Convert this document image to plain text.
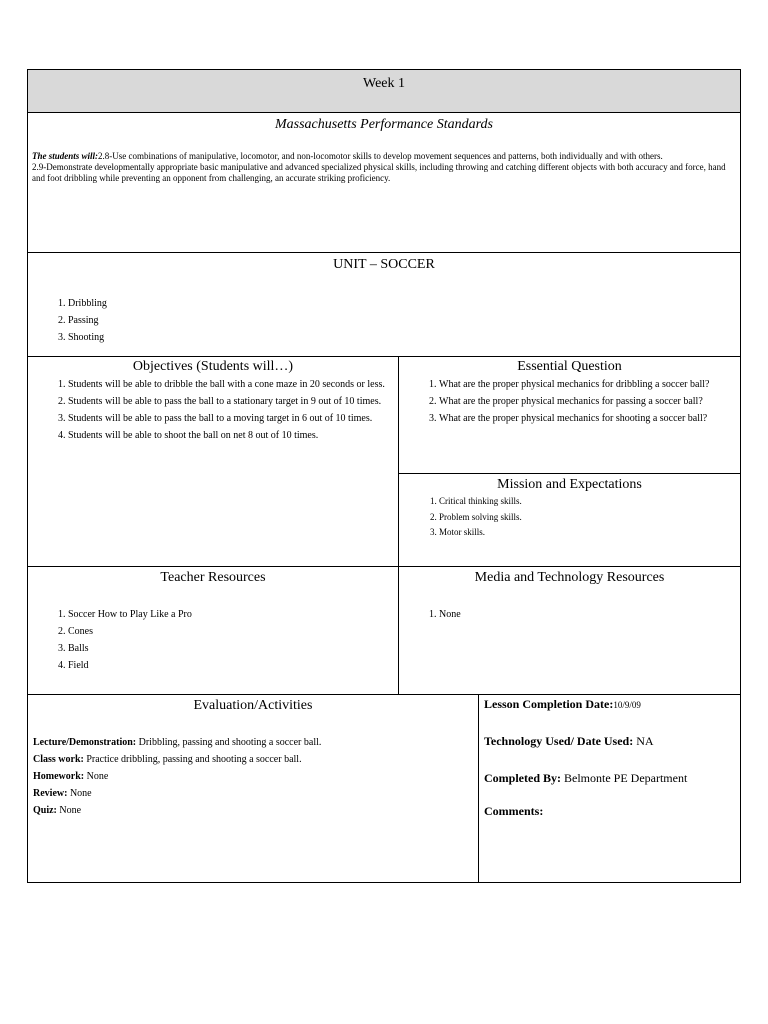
Week 1
Massachusetts Performance Standards
The students will:2.8-Use combinations of manipulative, locomotor, and non-locomotor skills to develop movement sequences and patterns, both individually and with others.
2.9-Demonstrate developmentally appropriate basic manipulative and advanced specialized physical skills, including throwing and catching different objects with both accuracy and force, hand and foot dribbling while preventing an opponent from challenging, an accurate striking proficiency.
UNIT – SOCCER
1. Dribbling
2. Passing
3. Shooting
Objectives (Students will…)
1. Students will be able to dribble the ball with a cone maze in 20 seconds or less.
2. Students will be able to pass the ball to a stationary target in 9 out of 10 times.
3. Students will be able to pass the ball to a moving target in 6 out of 10 times.
4. Students will be able to shoot the ball on net 8 out of 10 times.
Essential Question
1. What are the proper physical mechanics for dribbling a soccer ball?
2. What are the proper physical mechanics for passing a soccer ball?
3. What are the proper physical mechanics for shooting a soccer ball?
Mission and Expectations
1. Critical thinking skills.
2. Problem solving skills.
3. Motor skills.
Teacher Resources
1. Soccer How to Play Like a Pro
2. Cones
3. Balls
4. Field
Media and Technology Resources
1. None
Evaluation/Activities
Lecture/Demonstration: Dribbling, passing and shooting a soccer ball.
Class work: Practice dribbling, passing and shooting a soccer ball.
Homework: None
Review: None
Quiz: None
Lesson Completion Date:10/9/09
Technology Used/ Date Used: NA
Completed By: Belmonte PE Department
Comments:
